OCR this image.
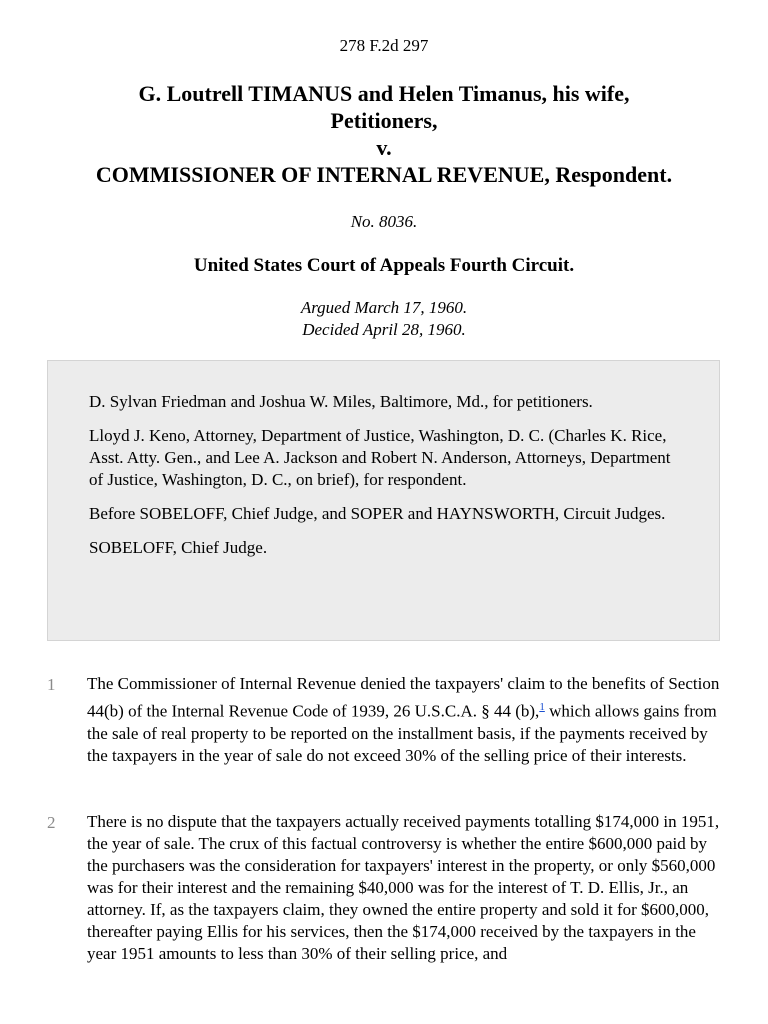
278 F.2d 297
G. Loutrell TIMANUS and Helen Timanus, his wife,
Petitioners,
v.
COMMISSIONER OF INTERNAL REVENUE, Respondent.
No. 8036.
United States Court of Appeals Fourth Circuit.
Argued March 17, 1960.
Decided April 28, 1960.

D. Sylvan Friedman and Joshua W. Miles, Baltimore, Md., for petitioners.

Lloyd J. Keno, Attorney, Department of Justice, Washington, D. C. (Charles K. Rice, Asst. Atty. Gen., and Lee A. Jackson and Robert N. Anderson, Attorneys, Department of Justice, Washington, D. C., on brief), for respondent.

Before SOBELOFF, Chief Judge, and SOPER and HAYNSWORTH, Circuit Judges.

SOBELOFF, Chief Judge.

1 The Commissioner of Internal Revenue denied the taxpayers' claim to the benefits of Section 44(b) of the Internal Revenue Code of 1939, 26 U.S.C.A. § 44 (b),$^1$ which allows gains from the sale of real property to be reported on the installment basis, if the payments received by the taxpayers in the year of sale do not exceed 30% of the selling price of their interests.
2 There is no dispute that the taxpayers actually received payments totalling $174,000 in 1951, the year of sale. The crux of this factual controversy is whether the entire $600,000 paid by the purchasers was the consideration for taxpayers' interest in the property, or only $560,000 was for their interest and the remaining $40,000 was for the interest of T. D. Ellis, Jr., an attorney. If, as the taxpayers claim, they owned the entire property and sold it for $600,000, thereafter paying Ellis for his services, then the $174,000 received by the taxpayers in the year 1951 amounts to less than 30% of their selling price, and
